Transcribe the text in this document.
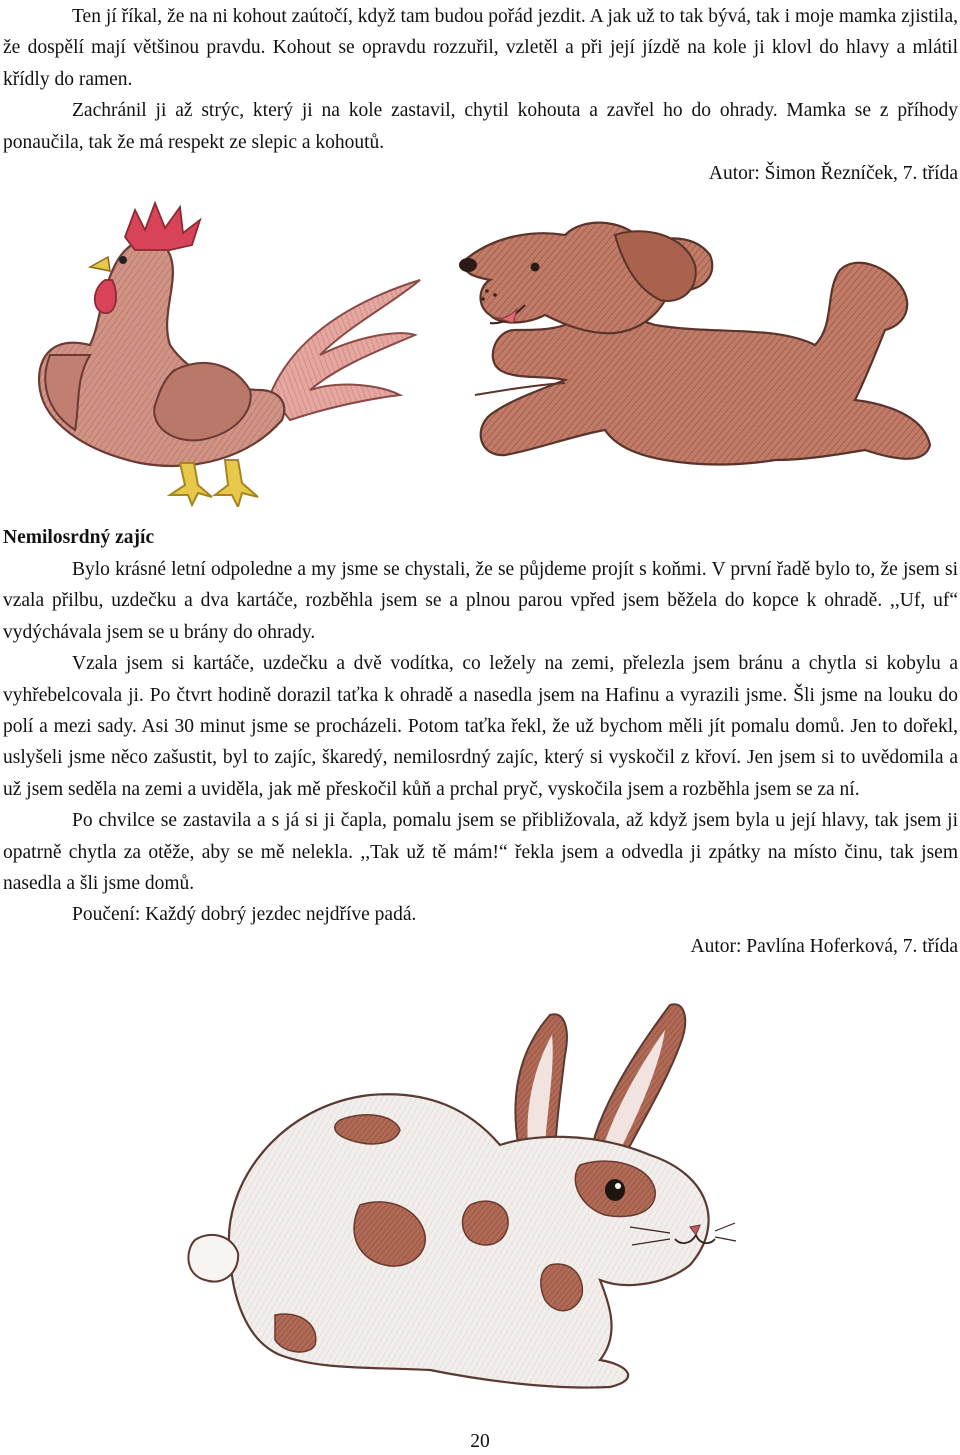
Ten jí říkal, že na ni kohout zaútočí, když tam budou pořád jezdit. A jak už to tak bývá, tak i moje mamka zjistila, že dospělí mají většinou pravdu. Kohout se opravdu rozzuřil, vzletěl a při její jízdě na kole ji klovl do hlavy a mlátil křídly do ramen.

Zachránil ji až strýc, který ji na kole zastavil, chytil kohouta a zavřel ho do ohrady. Mamka se z příhody ponaučila, tak že má respekt ze slepic a kohoutů.

Autor: Šimon Řezníček, 7. třída
Nemilosrdný zajíc

Bylo krásné letní odpoledne a my jsme se chystali, že se půjdeme projít s koňmi. V první řadě bylo to, že jsem si vzala přilbu, uzdečku a dva kartáče, rozběhla jsem se a plnou parou vpřed jsem běžela do kopce k ohradě. ,,Uf, uf“ vydýchávala jsem se u brány do ohrady.

Vzala jsem si kartáče, uzdečku a dvě vodítka, co ležely na zemi, přelezla jsem bránu a chytla si kobylu a vyhřebelcovala ji. Po čtvrt hodině dorazil taťka k ohradě a nasedla jsem na Hafinu a vyrazili jsme. Šli jsme na louku do polí a mezi sady. Asi 30 minut jsme se procházeli. Potom taťka řekl, že už bychom měli jít pomalu domů. Jen to dořekl, uslyšeli jsme něco zašustit, byl to zajíc, škaredý, nemilosrdný zajíc, který si vyskočil z křoví. Jen jsem si to uvědomila a už jsem seděla na zemi a uviděla, jak mě přeskočil kůň a prchal pryč, vyskočila jsem a rozběhla jsem se za ní.

Po chvilce se zastavila a s já si ji čapla, pomalu jsem se přibližovala, až když jsem byla u její hlavy, tak jsem ji opatrně chytla za otěže, aby se mě nelekla. ,,Tak už tě mám!“ řekla jsem a odvedla ji zpátky na místo činu, tak jsem nasedla a šli jsme domů.

Poučení: Každý dobrý jezdec nejdříve padá.

Autor: Pavlína Hoferková, 7. třída
20
